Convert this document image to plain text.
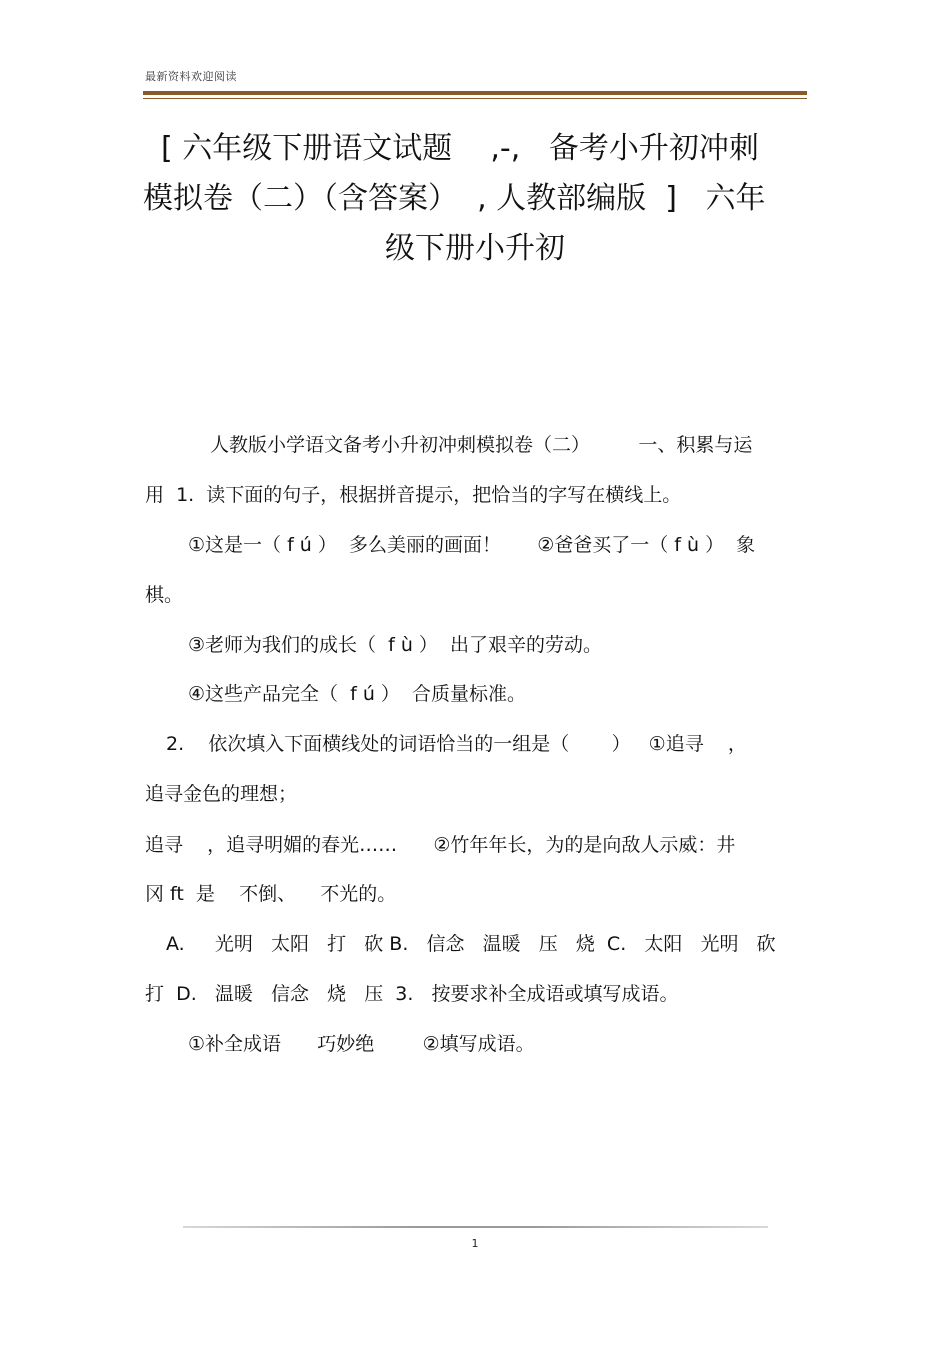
最新资料欢迎阅读
[ 六年级下册语文试题    ,-,   备考小升初冲刺
模拟卷（二）（含答案）  , 人教部编版  ]   六年
级下册小升初
人教版小学语文备考小升初冲刺模拟卷（二）        一、积累与运
用  1.  读下面的句子，根据拼音提示，把恰当的字写在横线上。
①这是一（ f ú ）  多么美丽的画面！      ②爸爸买了一（ f ù ）  象
棋。
③老师为我们的成长（  f ù ）  出了艰辛的劳动。
④这些产品完全（  f ú ）  合质量标准。
2.    依次填入下面横线处的词语恰当的一组是（       ）   ①追寻    ，
追寻金色的理想；
追寻    ，追寻明媚的春光……      ②竹年年长，为的是向敌人示威：井
冈 ft  是    不倒、    不光的。
A.     光明   太阳   打   砍 B.   信念   温暖   压   烧  C.   太阳   光明   砍
打  D.   温暖   信念   烧   压  3.   按要求补全成语或填写成语。
①补全成语      巧妙绝        ②填写成语。
1
